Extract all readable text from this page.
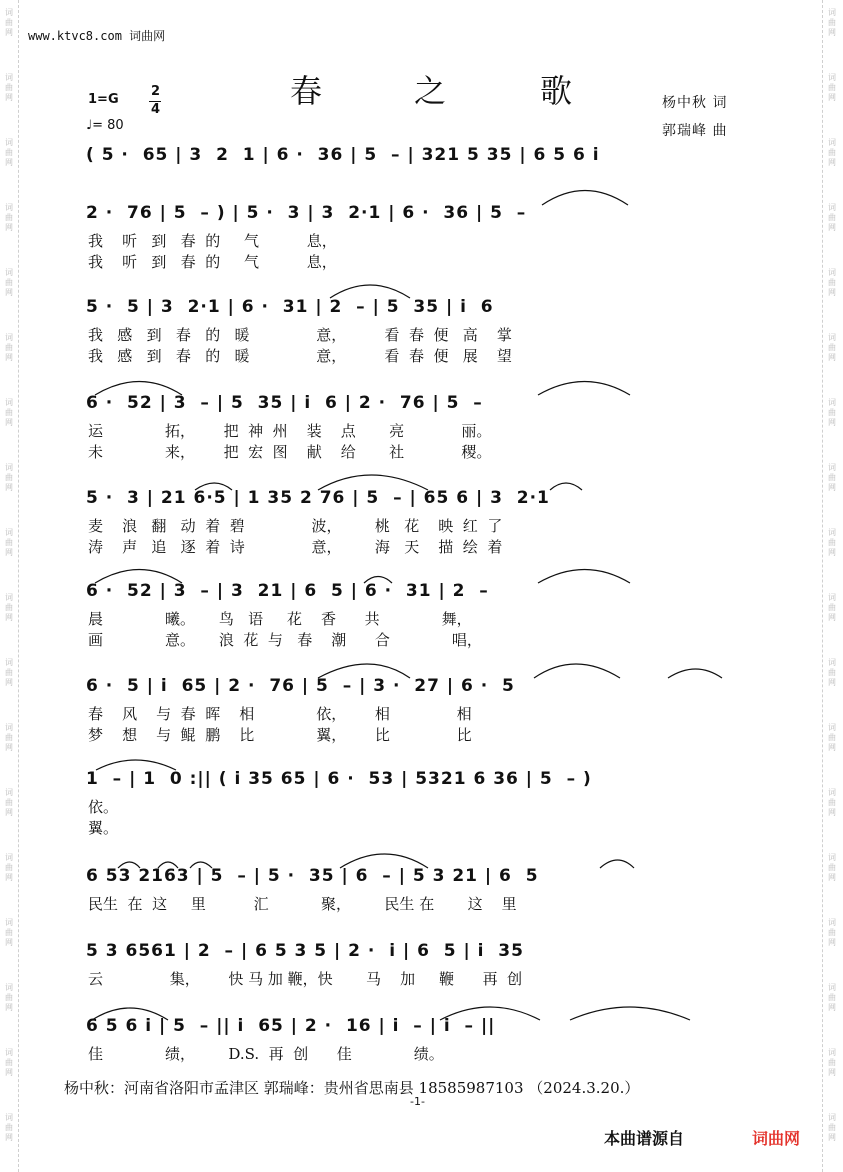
词
曲
网
词
曲
网
词
曲
网
词
曲
网
词
曲
网
词
曲
网
词
曲
网
词
曲
网
词
曲
网
词
曲
网
词
曲
网
词
曲
网
词
曲
网
词
曲
网
词
曲
网
词
曲
网
词
曲
网
词
曲
网
词
曲
网
词
曲
网
词
曲
网
词
曲
网
词
曲
网
词
曲
网
词
曲
网
词
曲
网
词
曲
网
词
曲
网
词
曲
网
词
曲
网
词
曲
网
词
曲
网
词
曲
网
词
曲
网
词
曲
网
词
曲
网
www.ktvc8.com 词曲网
春	之	歌
1=G
2
4
♩= 80
杨中秋 词
郭瑞峰 曲
( 5 ·  65 | 3  2  1 | 6 ·  36 | 5  – | 321 5 35 | 6 5 6 i
2 ·  76 | 5  – ) | 5 ·  3 | 3  2·1 | 6 ·  36 | 5  –
我    听   到   春  的     气          息，
我    听   到   春  的     气          息，
5 ·  5 | 3  2·1 | 6 ·  31 | 2  – | 5  35 | i  6
我   感   到   春   的   暖              意，        看  春  便   高    掌
我   感   到   春   的   暖              意，        看  春  便   展    望
6 ·  52 | 3  – | 5  35 | i  6 | 2 ·  76 | 5  –
运             拓，      把  神  州    装    点       亮            丽。
未             来，      把  宏  图    献    给       社            稷。
5 ·  3 | 21 6·5 | 1 35 2 76 | 5  – | 65 6 | 3  2·1
麦    浪   翻   动  着  碧              波，       桃   花    映  红  了
涛    声   追   逐  着  诗              意，       海   天    描  绘  着
6 ·  52 | 3  – | 3  21 | 6  5 | 6 ·  31 | 2  –
晨             曦。     鸟   语     花    香      共             舞，
画             意。     浪  花  与   春    潮      合             唱，
6 ·  5 | i  65 | 2 ·  76 | 5  – | 3 ·  27 | 6 ·  5
春    风    与  春  晖    相             依，      相              相
梦    想    与  鲲  鹏    比             翼，      比              比
1  – | 1  0 :|| ( i 35 65 | 6 ·  53 | 5321 6 36 | 5  – )
依。
翼。
6 53 2163 | 5  – | 5 ·  35 | 6  – | 5 3 21 | 6  5
民生  在  这     里          汇           聚，       民生 在       这    里
5 3 6561 | 2  – | 6 5 3 5 | 2 ·  i | 6  5 | i  35
云              集，      快 马 加 鞭，快       马    加     鞭      再  创
6 5 6 i | 5  – || i  65 | 2 ·  16 | i  – | i  – ||
佳             绩，       D.S.  再  创      佳             绩。
杨中秋：河南省洛阳市孟津区 郭瑞峰：贵州省思南县 18585987103 （2024.3.20.）
-1-
本曲谱源自	词曲网
